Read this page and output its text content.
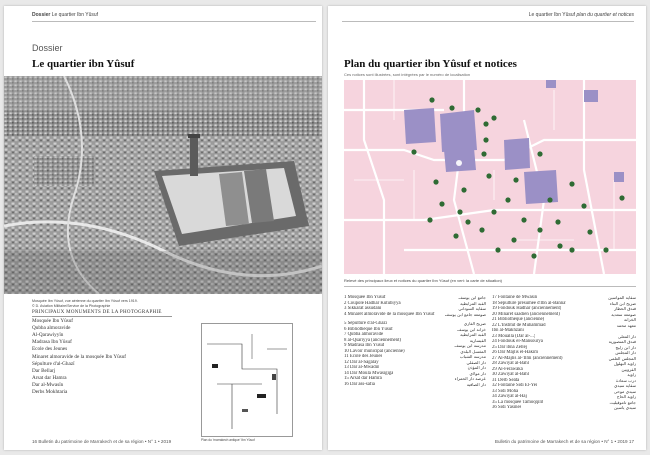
Dossier Le quartier Ibn Yûsuf
Dossier
Le quartier ibn Yûsuf
Mosquée Ibn Yûsuf, vue aérienne du quartier Ibn Yûsuf vers 1919.
© D. Aviation Militaire/Service de la Photographie
PRINCIPAUX MONUMENTS DE LA PHOTOGRAPHIE
Mosquée Ibn Yûsuf
Qubba almoravide
Al-Qarawiyyîn
Madrasa Ibn Yûsuf
Ecole des Jeunes
Minaret almoravide de la mosquée Ibn Yûsuf
Sépulture d'al-Ghazî
Dar Bellarj
Arsat dar Hamra
Dar al-Mwasîn
Derbs Mokhtaria
Plan du 'marrakech antique' Ibn Yûsuf
16 Bulletin du patrimoine de Marrakech et de sa région • N° 1 • 2019
Le quartier Ibn Yûsuf plan du quartier et notices
Plan du quartier ibn Yûsuf et notices
Ces notices sont illustrées, sont intégrées par le numéro de localisation
Relevé des principaux lieux et notices du quartier Ibn Yûsuf (en vert: la carte de situation)
1 Mosquée Ibn Yûsuf	جامع ابن يوسف
2 Coupole Hadhar Kutubiyya	القبة المرابطية
3 Sikkarat assudani	سقاية السوداني
4 Minaret almoravide de la mosquée Ibn Yûsuf صومعة جامع ابن يوسف
5 Sépulture d'al-Ghazî	ضريح الغازي
6 Bibliothèque Ibn Yûsuf	خزانة ابن يوسف
7 Qubba almoravide	القبة المرابطية
8 al-Qsariyya (anciennement)	القيسارية
9 Madrasa Ibn Yûsuf	مدرسة ابن يوسف
10 Lavoir municipal (ancienne)	المغسل البلدي
11 Ecole des Jeunes	مدرسة الشباب
12 Dar al-Sagalay	دار الصقلي
13 Dar al-Mwadin	دار المؤذن
14 Dar Moula Mwasigiga	دار مولاي
15 Arsat dar Hamra	عرصة دار الحمراء
16 Dar ass-safia	دار الصافية
17 Fontaine de Mwasin	سقاية المواسين
18 Sépulture présumée d'Ibn al-Banna'	ضريح ابن البناء
19 Fondouk Hadhar (anciennement)	فندق الحظار
20 Minaret saadien (anciennement)	صومعة سعدية
21 Bibliothèque (ancienne)	الخزانة
22 L'Institut de Muhammad	معهد محمد
Ibn al-Makhzani
23 Moualla (Dar al-...)	دار المعلى
24 Fondouk el-Mansourya	فندق المنصورية
25 Dar ibna Zellej	دار ابن زليج
26 Dâr Mâjlis el-Hakim	دار المجلس
27 Al-Majlis al-'Ilmi (anciennement)	المجلس العلمي
28 Zawiyat al-Bahl	زاوية البهلول
29 Al-Ferawâkâ	القرويين
30 Zawiyat al-Bahl	زاوية
31 Derb Seâta	درب سعادة
32 Fontaine Sidi El-Yer	سقاية سيدي
33 Sidi Moha	سيدي موحى
34 Zawiyat al-Haj	زاوية الحاج
35 La mosquée Tamoqqilit	جامع تاموقيليت
36 Sidi Yasînes	سيدي ياسين
Bulletin du patrimoine de Marrakech et de sa région • N° 1 • 2019 17
